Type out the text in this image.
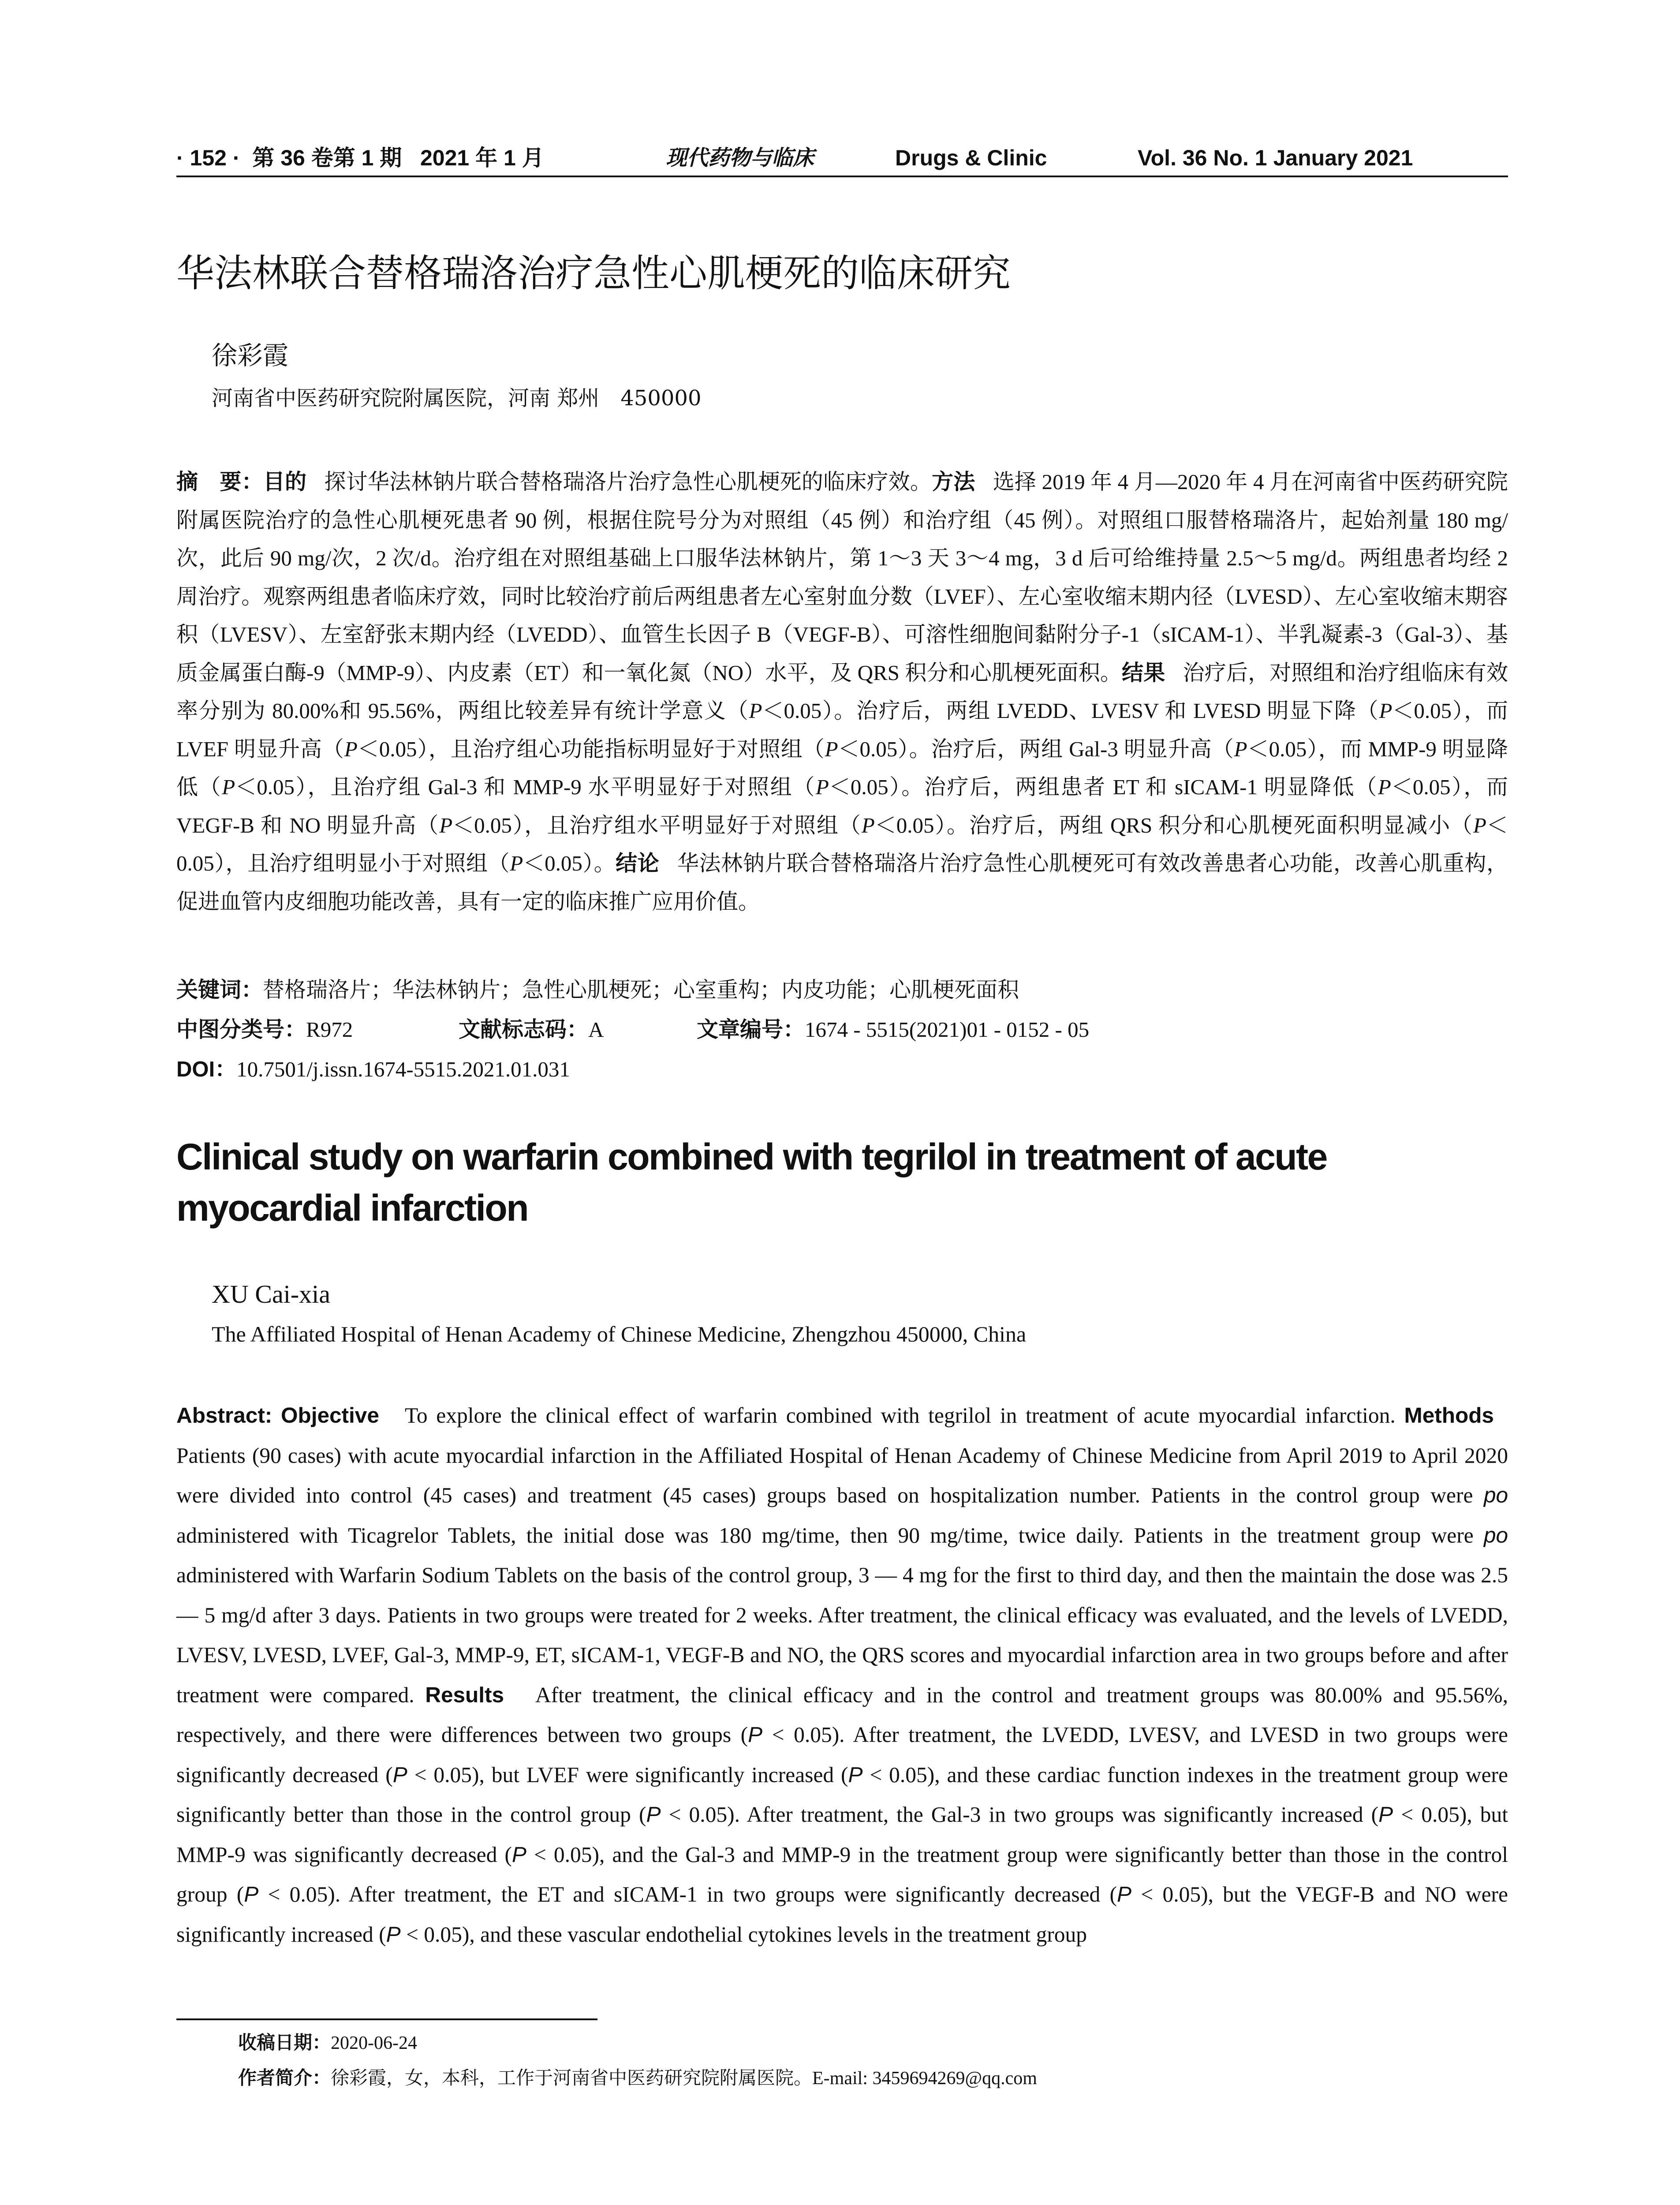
· 152 · 第 36 卷第 1 期 2021 年 1 月	现代药物与临床	Drugs & Clinic	Vol. 36 No. 1 January 2021
华法林联合替格瑞洛治疗急性心肌梗死的临床研究
徐彩霞
河南省中医药研究院附属医院，河南 郑州　450000
摘　要：目的 探讨华法林钠片联合替格瑞洛片治疗急性心肌梗死的临床疗效。方法 选择 2019 年 4 月—2020 年 4 月在河南省中医药研究院附属医院治疗的急性心肌梗死患者 90 例，根据住院号分为对照组（45 例）和治疗组（45 例）。对照组口服替格瑞洛片，起始剂量 180 mg/次，此后 90 mg/次，2 次/d。治疗组在对照组基础上口服华法林钠片，第 1～3 天 3～4 mg，3 d 后可给维持量 2.5～5 mg/d。两组患者均经 2 周治疗。观察两组患者临床疗效，同时比较治疗前后两组患者左心室射血分数（LVEF）、左心室收缩末期内径（LVESD）、左心室收缩末期容积（LVESV）、左室舒张末期内经（LVEDD）、血管生长因子 B（VEGF-B）、可溶性细胞间黏附分子-1（sICAM-1）、半乳凝素-3（Gal-3）、基质金属蛋白酶-9（MMP-9）、内皮素（ET）和一氧化氮（NO）水平，及 QRS 积分和心肌梗死面积。结果 治疗后，对照组和治疗组临床有效率分别为 80.00%和 95.56%，两组比较差异有统计学意义（P＜0.05）。治疗后，两组 LVEDD、LVESV 和 LVESD 明显下降（P＜0.05），而 LVEF 明显升高（P＜0.05），且治疗组心功能指标明显好于对照组（P＜0.05）。治疗后，两组 Gal-3 明显升高（P＜0.05），而 MMP-9 明显降低（P＜0.05），且治疗组 Gal-3 和 MMP-9 水平明显好于对照组（P＜0.05）。治疗后，两组患者 ET 和 sICAM-1 明显降低（P＜0.05），而 VEGF-B 和 NO 明显升高（P＜0.05），且治疗组水平明显好于对照组（P＜0.05）。治疗后，两组 QRS 积分和心肌梗死面积明显减小（P＜0.05），且治疗组明显小于对照组（P＜0.05）。结论 华法林钠片联合替格瑞洛片治疗急性心肌梗死可有效改善患者心功能，改善心肌重构，促进血管内皮细胞功能改善，具有一定的临床推广应用价值。
关键词：替格瑞洛片；华法林钠片；急性心肌梗死；心室重构；内皮功能；心肌梗死面积
中图分类号：R972	文献标志码：A	文章编号：1674 - 5515(2021)01 - 0152 - 05
DOI：10.7501/j.issn.1674-5515.2021.01.031
Clinical study on warfarin combined with tegrilol in treatment of acute myocardial infarction
XU Cai-xia
The Affiliated Hospital of Henan Academy of Chinese Medicine, Zhengzhou 450000, China
Abstract: Objective To explore the clinical effect of warfarin combined with tegrilol in treatment of acute myocardial infarction. Methods   Patients (90 cases) with acute myocardial infarction in the Affiliated Hospital of Henan Academy of Chinese Medicine from April 2019 to April 2020 were divided into control (45 cases) and treatment (45 cases) groups based on hospitalization number. Patients in the control group were po administered with Ticagrelor Tablets, the initial dose was 180 mg/time, then 90 mg/time, twice daily. Patients in the treatment group were po administered with Warfarin Sodium Tablets on the basis of the control group, 3 — 4 mg for the first to third day, and then the maintain the dose was 2.5 — 5 mg/d after 3 days. Patients in two groups were treated for 2 weeks. After treatment, the clinical efficacy was evaluated, and the levels of LVEDD, LVESV, LVESD, LVEF, Gal-3, MMP-9, ET, sICAM-1, VEGF-B and NO, the QRS scores and myocardial infarction area in two groups before and after treatment were compared. Results After treatment, the clinical efficacy and in the control and treatment groups was 80.00% and 95.56%, respectively, and there were differences between two groups (P < 0.05). After treatment, the LVEDD, LVESV, and LVESD in two groups were significantly decreased (P < 0.05), but LVEF were significantly increased (P < 0.05), and these cardiac function indexes in the treatment group were significantly better than those in the control group (P < 0.05). After treatment, the Gal-3 in two groups was significantly increased (P < 0.05), but MMP-9 was significantly decreased (P < 0.05), and the Gal-3 and MMP-9 in the treatment group were significantly better than those in the control group (P < 0.05). After treatment, the ET and sICAM-1 in two groups were significantly decreased (P < 0.05), but the VEGF-B and NO were significantly increased (P < 0.05), and these vascular endothelial cytokines levels in the treatment group
收稿日期：2020-06-24
作者简介：徐彩霞，女，本科，工作于河南省中医药研究院附属医院。E-mail: 3459694269@qq.com
